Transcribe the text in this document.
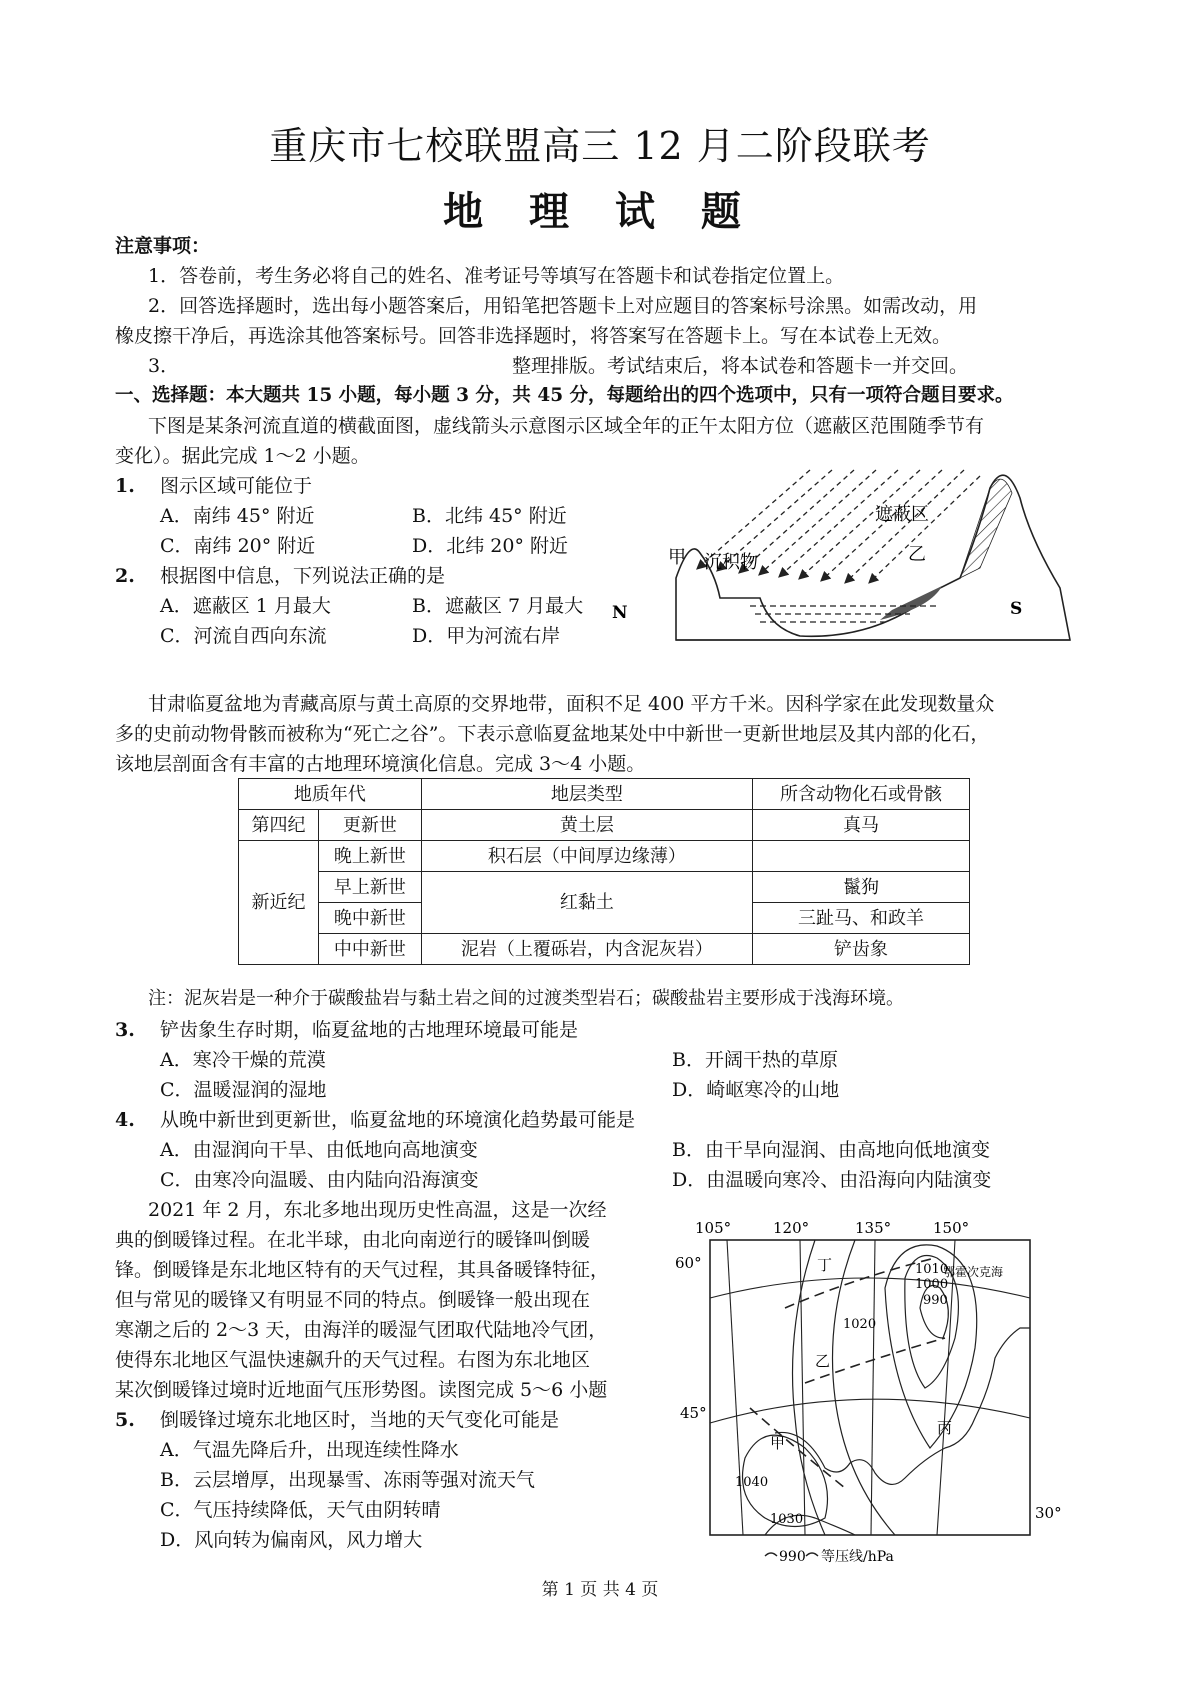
重庆市七校联盟高三 12 月二阶段联考
地 理 试 题
注意事项：
1．答卷前，考生务必将自己的姓名、准考证号等填写在答题卡和试卷指定位置上。
2．回答选择题时，选出每小题答案后，用铅笔把答题卡上对应题目的答案标号涂黑。如需改动，用
橡皮擦干净后，再选涂其他答案标号。回答非选择题时，将答案写在答题卡上。写在本试卷上无效。
3．	整理排版。考试结束后，将本试卷和答题卡一并交回。
一、选择题：本大题共 15 小题，每小题 3 分，共 45 分，每题给出的四个选项中，只有一项符合题目要求。
下图是某条河流直道的横截面图，虚线箭头示意图示区域全年的正午太阳方位（遮蔽区范围随季节有
变化）。据此完成 1～2 小题。
1. 图示区域可能位于
A．南纬 45° 附近	B．北纬 45° 附近
C．南纬 20° 附近	D．北纬 20° 附近
2. 根据图中信息，下列说法正确的是
A．遮蔽区 1 月最大	B．遮蔽区 7 月最大
C．河流自西向东流	D．甲为河流右岸
遮蔽区
甲	乙
沉积物
N	S
甘肃临夏盆地为青藏高原与黄土高原的交界地带，面积不足 400 平方千米。因科学家在此发现数量众
多的史前动物骨骸而被称为“死亡之谷”。下表示意临夏盆地某处中中新世一更新世地层及其内部的化石，
该地层剖面含有丰富的古地理环境演化信息。完成 3～4 小题。
地质年代		地层类型	所含动物化石或骨骸
第四纪	更新世	黄土层	真马
新近纪	晚上新世	积石层（中间厚边缘薄）	
	早上新世	红黏土	鬣狗
	晚中新世		三趾马、和政羊
	中中新世	泥岩（上覆砾岩，内含泥灰岩）	铲齿象
注：泥灰岩是一种介于碳酸盐岩与黏土岩之间的过渡类型岩石；碳酸盐岩主要形成于浅海环境。
3. 铲齿象生存时期，临夏盆地的古地理环境最可能是
A．寒冷干燥的荒漠	B．开阔干热的草原
C．温暖湿润的湿地	D．崎岖寒冷的山地
4. 从晚中新世到更新世，临夏盆地的环境演化趋势最可能是
A．由湿润向干旱、由低地向高地演变	B．由干旱向湿润、由高地向低地演变
C．由寒冷向温暖、由内陆向沿海演变	D．由温暖向寒冷、由沿海向内陆演变
2021 年 2 月，东北多地出现历史性高温，这是一次经
典的倒暖锋过程。在北半球，由北向南逆行的暖锋叫倒暖
锋。倒暖锋是东北地区特有的天气过程，其具备暖锋特征，
但与常见的暖锋又有明显不同的特点。倒暖锋一般出现在
寒潮之后的 2～3 天，由海洋的暖湿气团取代陆地冷气团，
使得东北地区气温快速飙升的天气过程。右图为东北地区
某次倒暖锋过境时近地面气压形势图。读图完成 5～6 小题
5. 倒暖锋过境东北地区时，当地的天气变化可能是
A．气温先降后升，出现连续性降水
B．云层增厚，出现暴雪、冻雨等强对流天气
C．气压持续降低，天气由阴转晴
D．风向转为偏南风，风力增大
105°	120°	135°	150°
60°
45°
30°
鄂霍次克海
1010
1000
990
1020
1040
1030
丁
乙
丙
甲
990 等压线/hPa
第 1 页 共 4 页
